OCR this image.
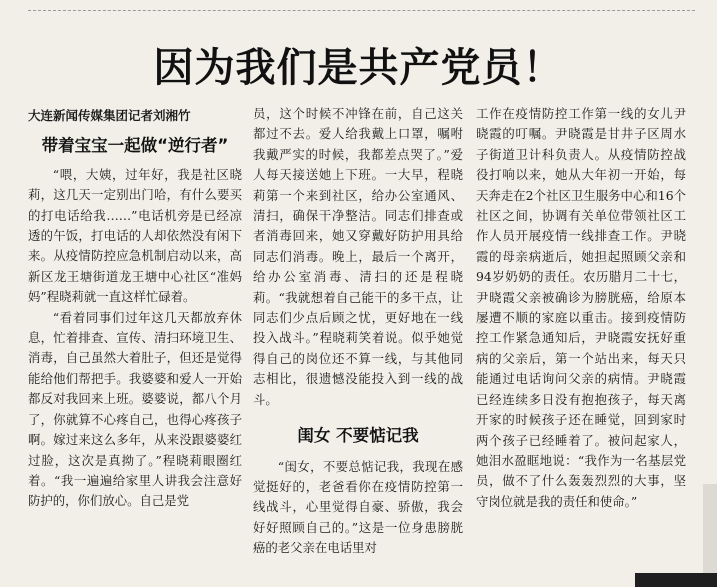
因为我们是共产党员！
大连新闻传媒集团记者刘湘竹
带着宝宝一起做“逆行者”

“喂，大姨，过年好，我是社区晓莉，这几天一定别出门哈，有什么要买的打电话给我……”电话机旁是已经凉透的午饭，打电话的人却依然没有闲下来。从疫情防控应急机制启动以来，高新区龙王塘街道龙王塘中心社区“准妈妈”程晓莉就一直这样忙碌着。

“看着同事们过年这几天都放弃休息，忙着排查、宣传、清扫环境卫生、消毒，自己虽然大着肚子，但还是觉得能给他们帮把手。我婆婆和爱人一开始都反对我回来上班。婆婆说，都八个月了，你就算不心疼自己，也得心疼孩子啊。嫁过来这么多年，从来没跟婆婆红过脸，这次是真拗了。”程晓莉眼圈红着。“我一遍遍给家里人讲我会注意好防护的，你们放心。自己是党

员，这个时候不冲锋在前，自己这关都过不去。爱人给我戴上口罩，嘱咐我戴严实的时候，我都差点哭了。”爱人每天接送她上下班。一大早，程晓莉第一个来到社区，给办公室通风、清扫，确保干净整洁。同志们排查或者消毒回来，她又穿戴好防护用具给同志们消毒。晚上，最后一个离开，给办公室消毒、清扫的还是程晓莉。“我就想着自己能干的多干点，让同志们少点后顾之忧，更好地在一线投入战斗。”程晓莉笑着说。似乎她觉得自己的岗位还不算一线，与其他同志相比，很遗憾没能投入到一线的战斗。

闺女 不要惦记我

“闺女，不要总惦记我，我现在感觉挺好的，老爸看你在疫情防控第一线战斗，心里觉得自豪、骄傲，我会好好照顾自己的。”这是一位身患膀胱癌的老父亲在电话里对

工作在疫情防控工作第一线的女儿尹晓霞的叮嘱。尹晓霞是甘井子区周水子街道卫计科负责人。从疫情防控战役打响以来，她从大年初一开始，每天奔走在2个社区卫生服务中心和16个社区之间，协调有关单位带领社区工作人员开展疫情一线排查工作。尹晓霞的母亲病逝后，她担起照顾父亲和94岁奶奶的责任。农历腊月二十七，尹晓霞父亲被确诊为膀胱癌，给原本屡遭不顺的家庭以重击。接到疫情防控工作紧急通知后，尹晓霞安抚好重病的父亲后，第一个站出来，每天只能通过电话询问父亲的病情。尹晓霞已经连续多日没有抱抱孩子，每天离开家的时候孩子还在睡觉，回到家时两个孩子已经睡着了。被问起家人，她泪水盈眶地说：“我作为一名基层党员，做不了什么轰轰烈烈的大事，坚守岗位就是我的责任和使命。”
